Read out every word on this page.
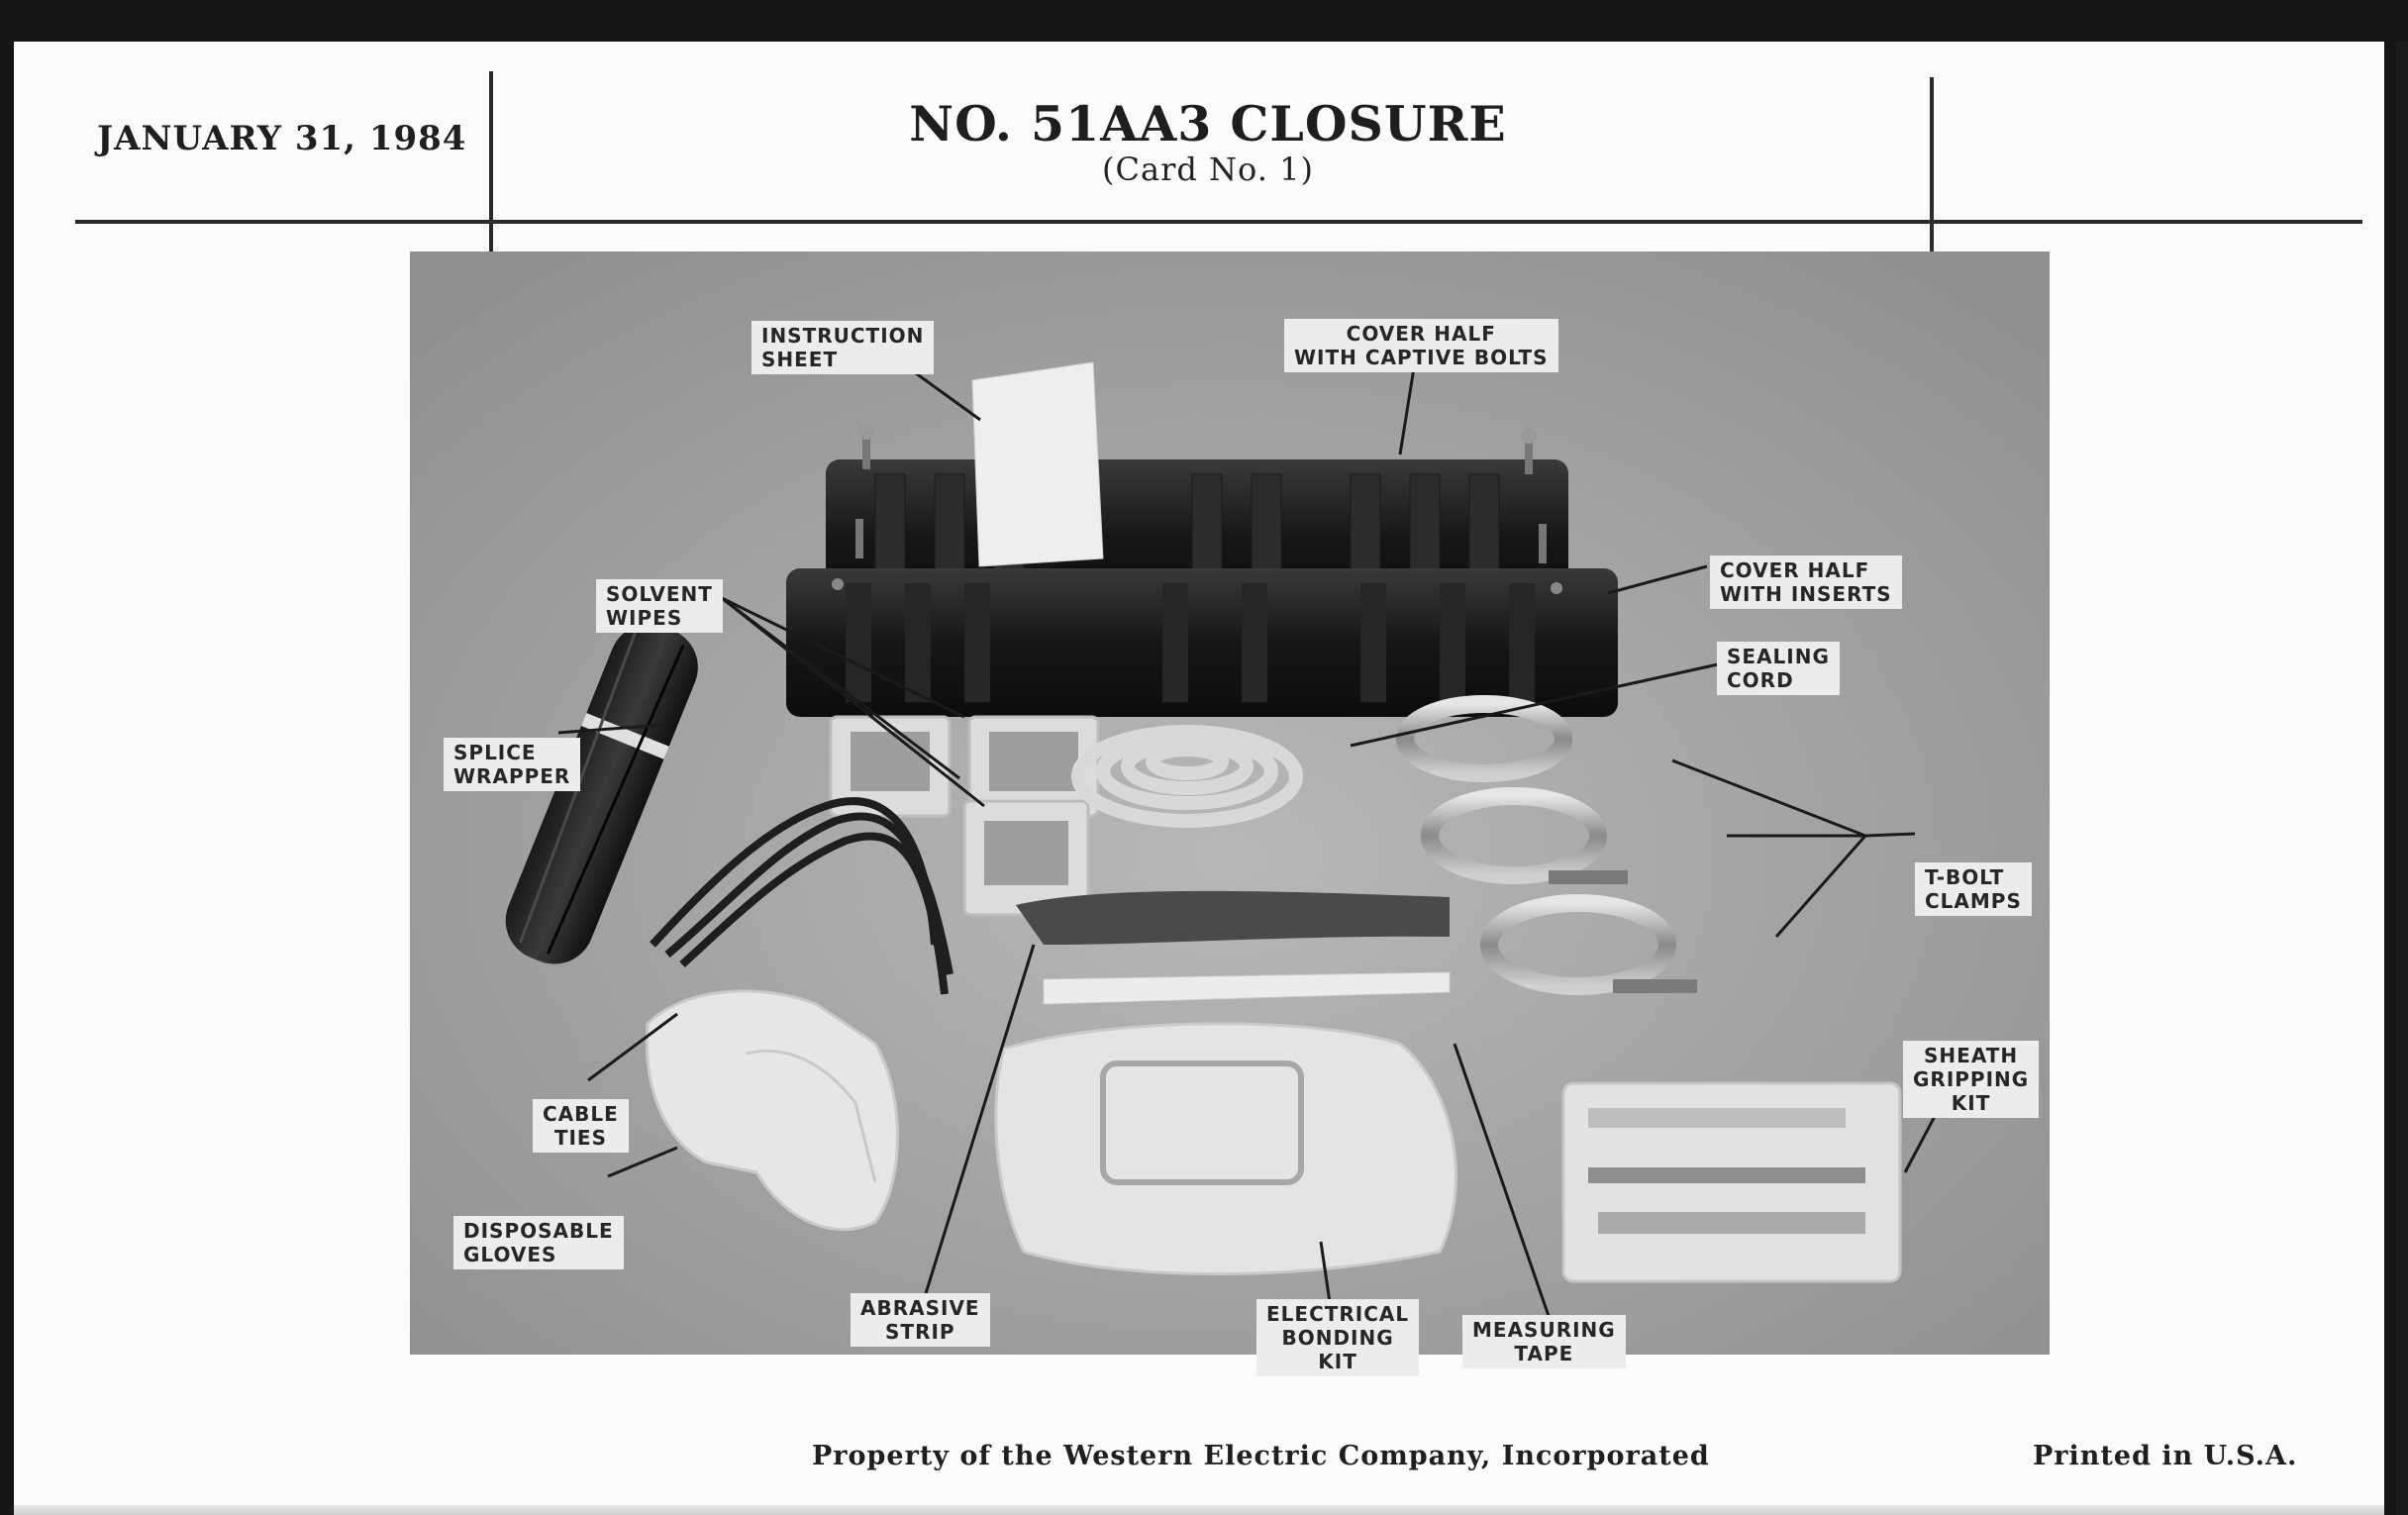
JANUARY 31, 1984	NO. 51AA3 CLOSURE
(Card No. 1)
INSTRUCTION
SHEET
COVER HALF
WITH CAPTIVE BOLTS
COVER HALF
WITH INSERTS
SOLVENT
WIPES
SEALING
CORD
SPLICE
WRAPPER
T-BOLT
CLAMPS
SHEATH
GRIPPING
KIT
CABLE
TIES
DISPOSABLE
GLOVES
ABRASIVE
STRIP
ELECTRICAL
BONDING
KIT
MEASURING
TAPE
Property of the Western Electric Company, Incorporated	Printed in U.S.A.
